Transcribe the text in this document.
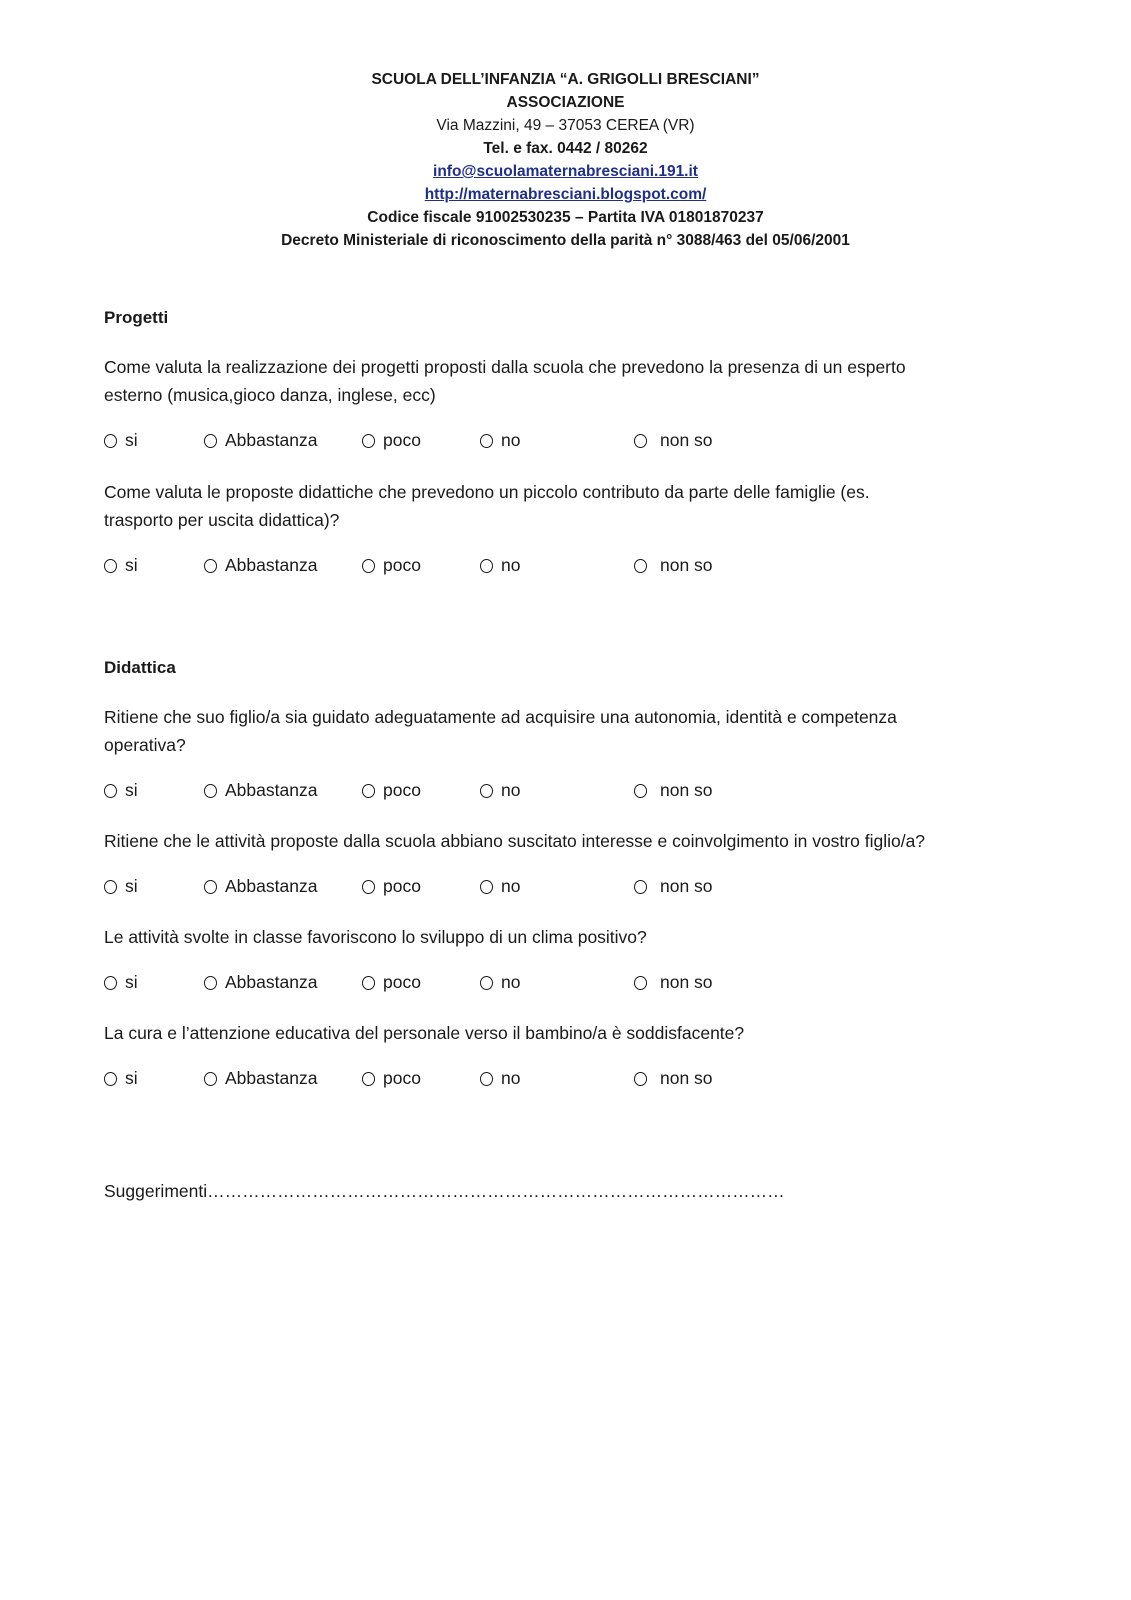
SCUOLA DELL’INFANZIA “A. GRIGOLLI BRESCIANI”
ASSOCIAZIONE
Via Mazzini, 49 – 37053 CEREA (VR)
Tel. e fax. 0442 / 80262
info@scuolamaternabresciani.191.it
http://maternabresciani.blogspot.com/
Codice fiscale 91002530235 – Partita IVA 01801870237
Decreto Ministeriale di riconoscimento della parità n° 3088/463 del 05/06/2001
Progetti
Come valuta la realizzazione dei progetti proposti dalla scuola che prevedono la presenza di un esperto
esterno (musica,gioco danza, inglese, ecc)
si	Abbastanza	poco	no	non so
Come valuta le proposte didattiche che prevedono un piccolo contributo da parte delle famiglie (es.
trasporto per uscita didattica)?
si	Abbastanza	poco	no	non so
Didattica
Ritiene che suo figlio/a sia guidato adeguatamente ad acquisire una autonomia, identità e competenza
operativa?
si	Abbastanza	poco	no	non so
Ritiene che le attività proposte dalla scuola abbiano suscitato interesse e coinvolgimento in vostro figlio/a?
si	Abbastanza	poco	no	non so
Le attività svolte in classe favoriscono lo sviluppo di un clima positivo?
si	Abbastanza	poco	no	non so
La cura e l’attenzione educativa del personale verso il bambino/a è soddisfacente?
si	Abbastanza	poco	no	non so
Suggerimenti………………………………………………………………………………………
